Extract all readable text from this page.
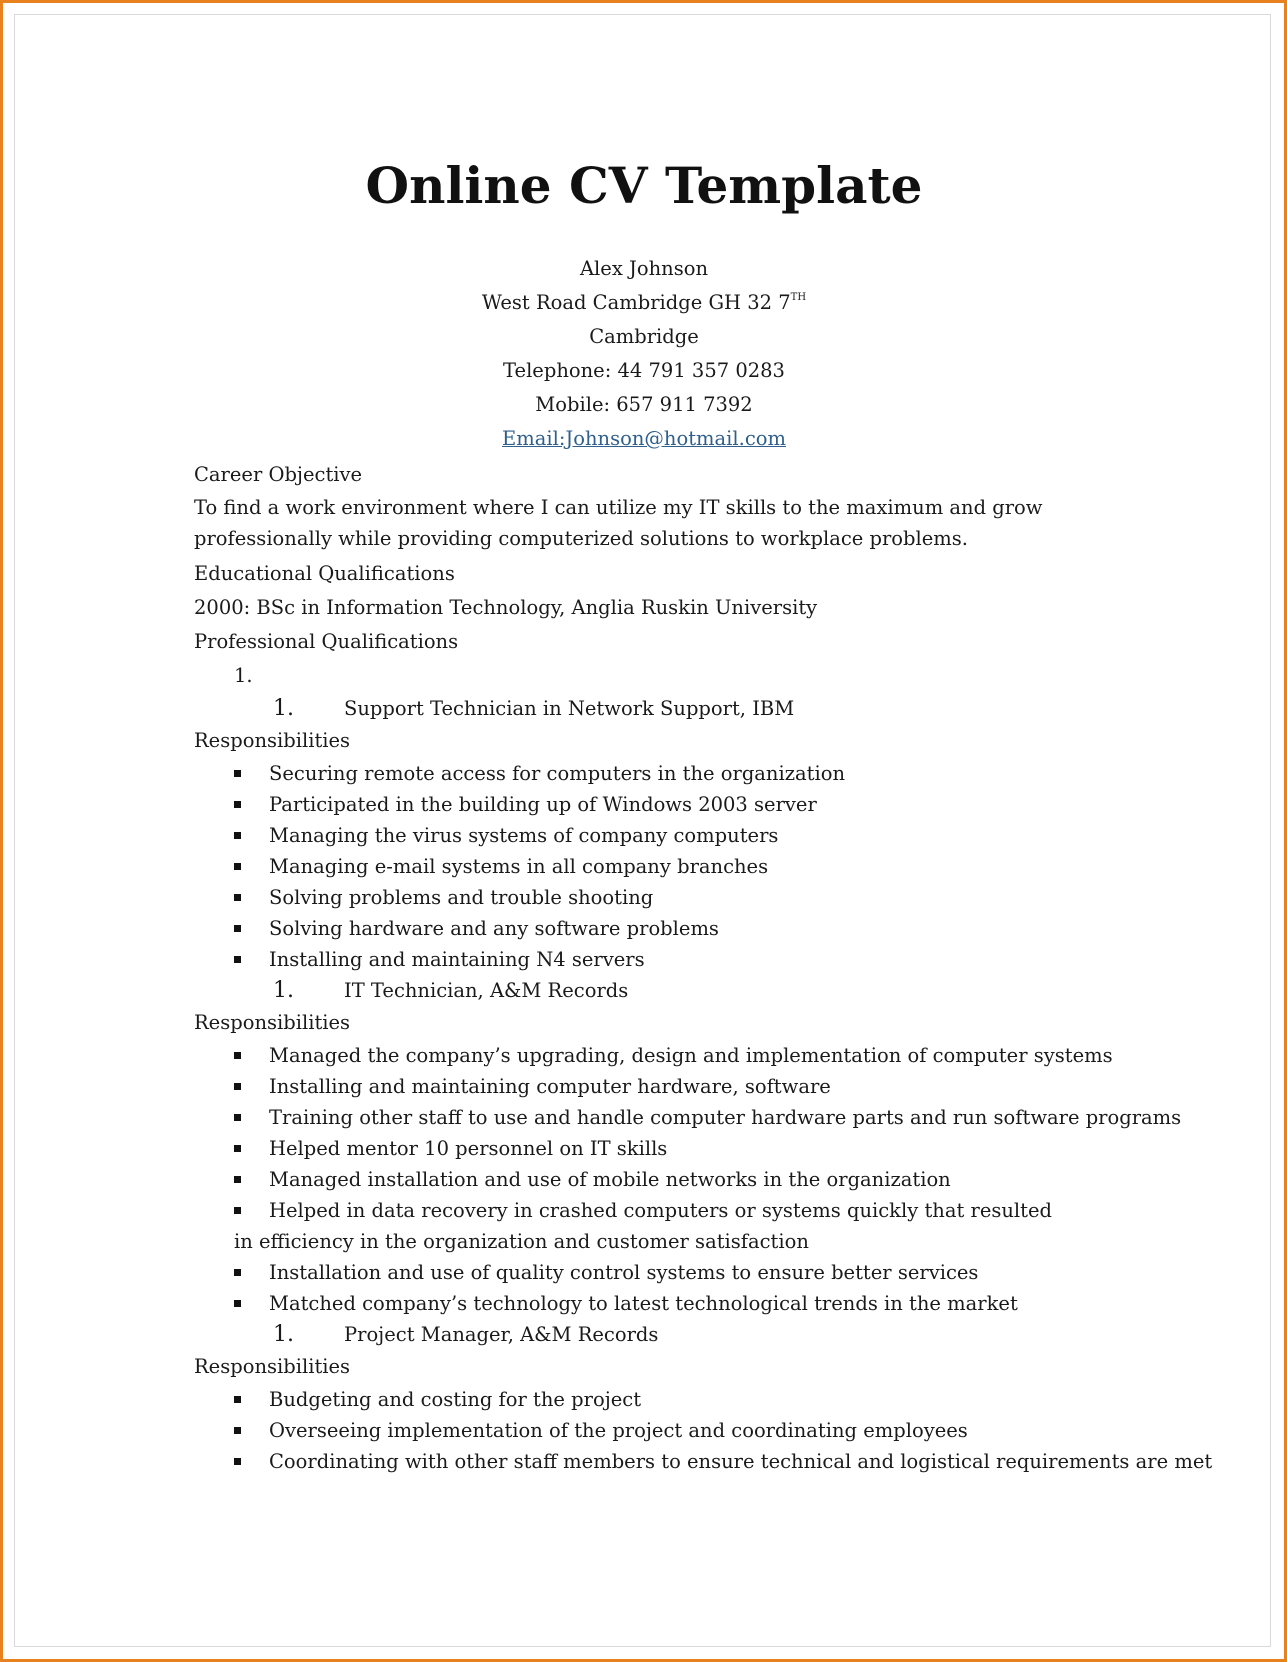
Online CV Template
Alex Johnson
West Road Cambridge GH 32 7TH
Cambridge
Telephone: 44 791 357 0283
Mobile: 657 911 7392
Email:Johnson@hotmail.com
Career Objective
To find a work environment where I can utilize my IT skills to the maximum and grow professionally while providing computerized solutions to workplace problems.
Educational Qualifications
2000: BSc in Information Technology, Anglia Ruskin University
Professional Qualifications
1.
1.	Support Technician in Network Support, IBM
Responsibilities
Securing remote access for computers in the organization
Participated in the building up of Windows 2003 server
Managing the virus systems of company computers
Managing e-mail systems in all company branches
Solving problems and trouble shooting
Solving hardware and any software problems
Installing and maintaining N4 servers
1.	IT Technician, A&M Records
Responsibilities
Managed the company’s upgrading, design and implementation of computer systems
Installing and maintaining computer hardware, software
Training other staff to use and handle computer hardware parts and run software programs
Helped mentor 10 personnel on IT skills
Managed installation and use of mobile networks in the organization
Helped in data recovery in crashed computers or systems quickly that resulted in efficiency in the organization and customer satisfaction
Installation and use of quality control systems to ensure better services
Matched company’s technology to latest technological trends in the market
1.	Project Manager, A&M Records
Responsibilities
Budgeting and costing for the project
Overseeing implementation of the project and coordinating employees
Coordinating with other staff members to ensure technical and logistical requirements are met
